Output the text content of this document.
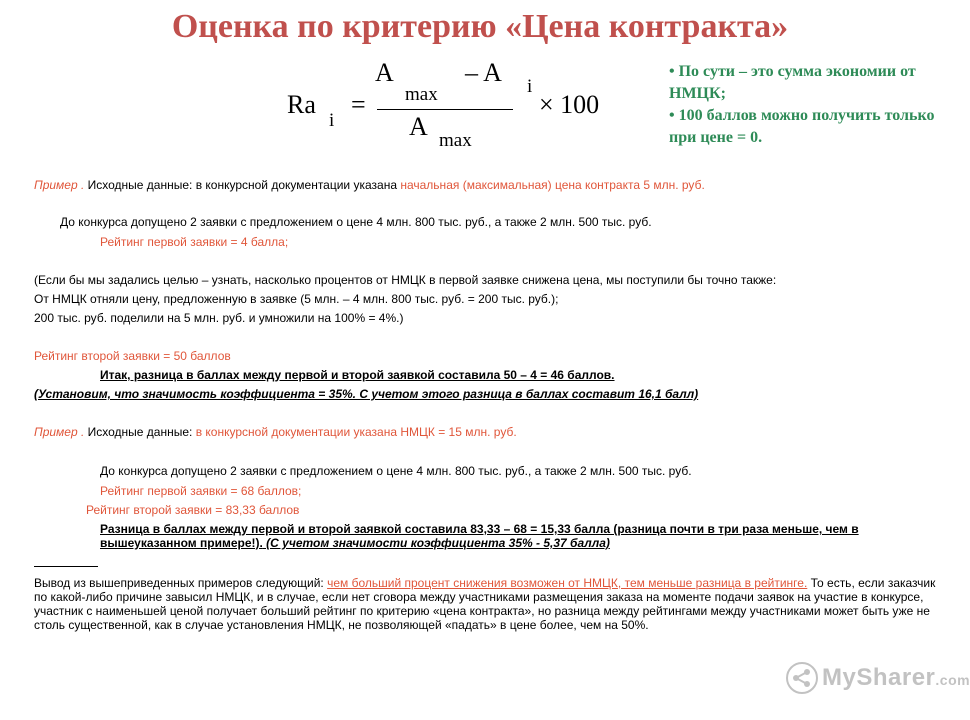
Оценка по критерию «Цена контракта»
Ra
i
=
A
max
– A i
A max
× 100

• По сути – это сумма экономии от НМЦК;

• 100 баллов можно получить только при цене = 0.

Пример . Исходные данные: в конкурсной документации указана начальная (максимальная) цена контракта 5 млн. руб.
До конкурса допущено 2 заявки с предложением о цене 4 млн. 800 тыс. руб., а также 2 млн. 500 тыс. руб.
Рейтинг первой заявки = 4 балла;
(Если бы мы задались целью – узнать, насколько процентов от НМЦК в первой заявке снижена цена, мы поступили бы точно также:
От НМЦК отняли цену, предложенную в заявке (5 млн. – 4 млн. 800 тыс. руб. = 200 тыс. руб.);
200 тыс. руб. поделили на 5 млн. руб. и умножили на 100% = 4%.)
Рейтинг второй заявки = 50 баллов
Итак, разница в баллах между первой и второй заявкой составила 50 – 4 = 46 баллов.
(Установим, что значимость коэффициента = 35%. С учетом этого разница в баллах составит 16,1 балл)
Пример . Исходные данные: в конкурсной документации указана НМЦК = 15 млн. руб.
До конкурса допущено 2 заявки с предложением о цене 4 млн. 800 тыс. руб., а также 2 млн. 500 тыс. руб.
Рейтинг первой заявки = 68 баллов;
Рейтинг второй заявки = 83,33 баллов
Разница в баллах между первой и второй заявкой составила 83,33 – 68 = 15,33 балла (разница почти в три раза меньше, чем в вышеуказанном примере!). (С учетом значимости коэффициента 35% - 5,37 балла)
Вывод из вышеприведенных примеров следующий: чем больший процент снижения возможен от НМЦК, тем меньше разница в рейтинге. То есть, если заказчик по какой-либо причине завысил НМЦК, и в случае, если нет сговора между участниками размещения заказа на моменте подачи заявок на участие в конкурсе, участник с наименьшей ценой получает больший рейтинг по критерию «цена контракта», но разница между рейтингами между участниками может быть уже не столь существенной, как в случае установления НМЦК, не позволяющей «падать» в цене более, чем на 50%.
MySharer.com
